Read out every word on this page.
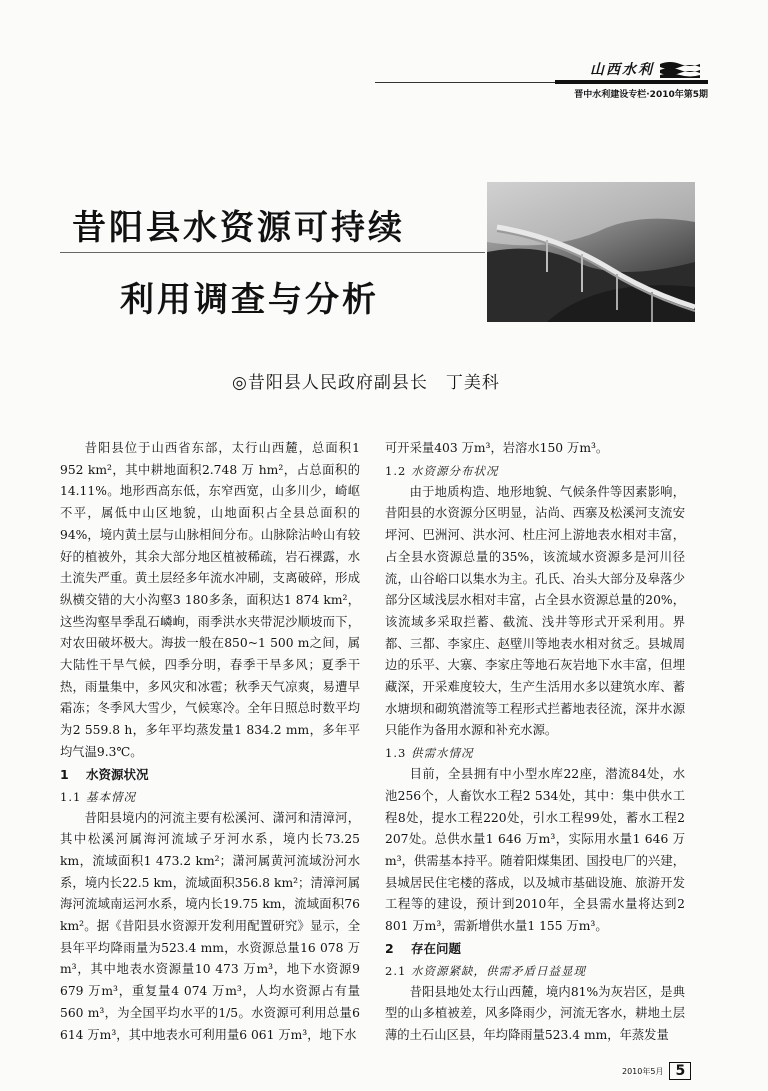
山西水利
晋中水利建设专栏·2010年第5期
昔阳县水资源可持续
利用调查与分析
◎昔阳县人民政府副县长　丁美科

昔阳县位于山西省东部，太行山西麓，总面积1 952 km²，其中耕地面积2.748 万 hm²，占总面积的14.11%。地形西高东低，东窄西宽，山多川少，崎岖不平，属低中山区地貌，山地面积占全县总面积的94%，境内黄土层与山脉相间分布。山脉除沾岭山有较好的植被外，其余大部分地区植被稀疏，岩石裸露，水土流失严重。黄土层经多年流水冲刷，支离破碎，形成纵横交错的大小沟壑3 180多条，面积达1 874 km²，这些沟壑旱季乱石嶙峋，雨季洪水夹带泥沙顺坡而下，对农田破坏极大。海拔一般在850~1 500 m之间，属大陆性干旱气候，四季分明，春季干旱多风；夏季干热，雨量集中，多风灾和冰雹；秋季天气凉爽，易遭早霜冻；冬季风大雪少，气候寒冷。全年日照总时数平均为2 559.8 h，多年平均蒸发量1 834.2 mm，多年平均气温9.3℃。

1 水资源状况
1.1 基本情况

昔阳县境内的河流主要有松溪河、潇河和清漳河，其中松溪河属海河流域子牙河水系，境内长73.25 km，流域面积1 473.2 km²；潇河属黄河流域汾河水系，境内长22.5 km，流域面积356.8 km²；清漳河属海河流域南运河水系，境内长19.75 km，流域面积76 km²。据《昔阳县水资源开发利用配置研究》显示，全县年平均降雨量为523.4 mm，水资源总量16 078 万m³，其中地表水资源量10 473 万m³，地下水资源9 679 万m³，重复量4 074 万m³，人均水资源占有量560 m³，为全国平均水平的1/5。水资源可利用总量6 614 万m³，其中地表水可利用量6 061 万m³，地下水

可开采量403 万m³，岩溶水150 万m³。

1.2 水资源分布状况

由于地质构造、地形地貌、气候条件等因素影响，昔阳县的水资源分区明显，沾尚、西寨及松溪河支流安坪河、巴洲河、洪水河、杜庄河上游地表水相对丰富，占全县水资源总量的35%，该流域水资源多是河川径流，山谷峪口以集水为主。孔氏、冶头大部分及皋落少部分区域浅层水相对丰富，占全县水资源总量的20%，该流域多采取拦蓄、截流、浅井等形式开采利用。界都、三都、李家庄、赵壁川等地表水相对贫乏。县城周边的乐平、大寨、李家庄等地石灰岩地下水丰富，但埋藏深，开采难度较大，生产生活用水多以建筑水库、蓄水塘坝和砌筑潜流等工程形式拦蓄地表径流，深井水源只能作为备用水源和补充水源。

1.3 供需水情况

目前，全县拥有中小型水库22座，潜流84处，水池256个，人畜饮水工程2 534处，其中：集中供水工程8处，提水工程220处，引水工程99处，蓄水工程2 207处。总供水量1 646 万m³，实际用水量1 646 万m³，供需基本持平。随着阳煤集团、国投电厂的兴建，县城居民住宅楼的落成，以及城市基础设施、旅游开发工程等的建设，预计到2010年，全县需水量将达到2 801 万m³，需新增供水量1 155 万m³。

2 存在问题
2.1 水资源紧缺，供需矛盾日益显现

昔阳县地处太行山西麓，境内81%为灰岩区，是典型的山多植被差，风多降雨少，河流无客水，耕地土层薄的土石山区县，年均降雨量523.4 mm，年蒸发量

2010年5月 5
